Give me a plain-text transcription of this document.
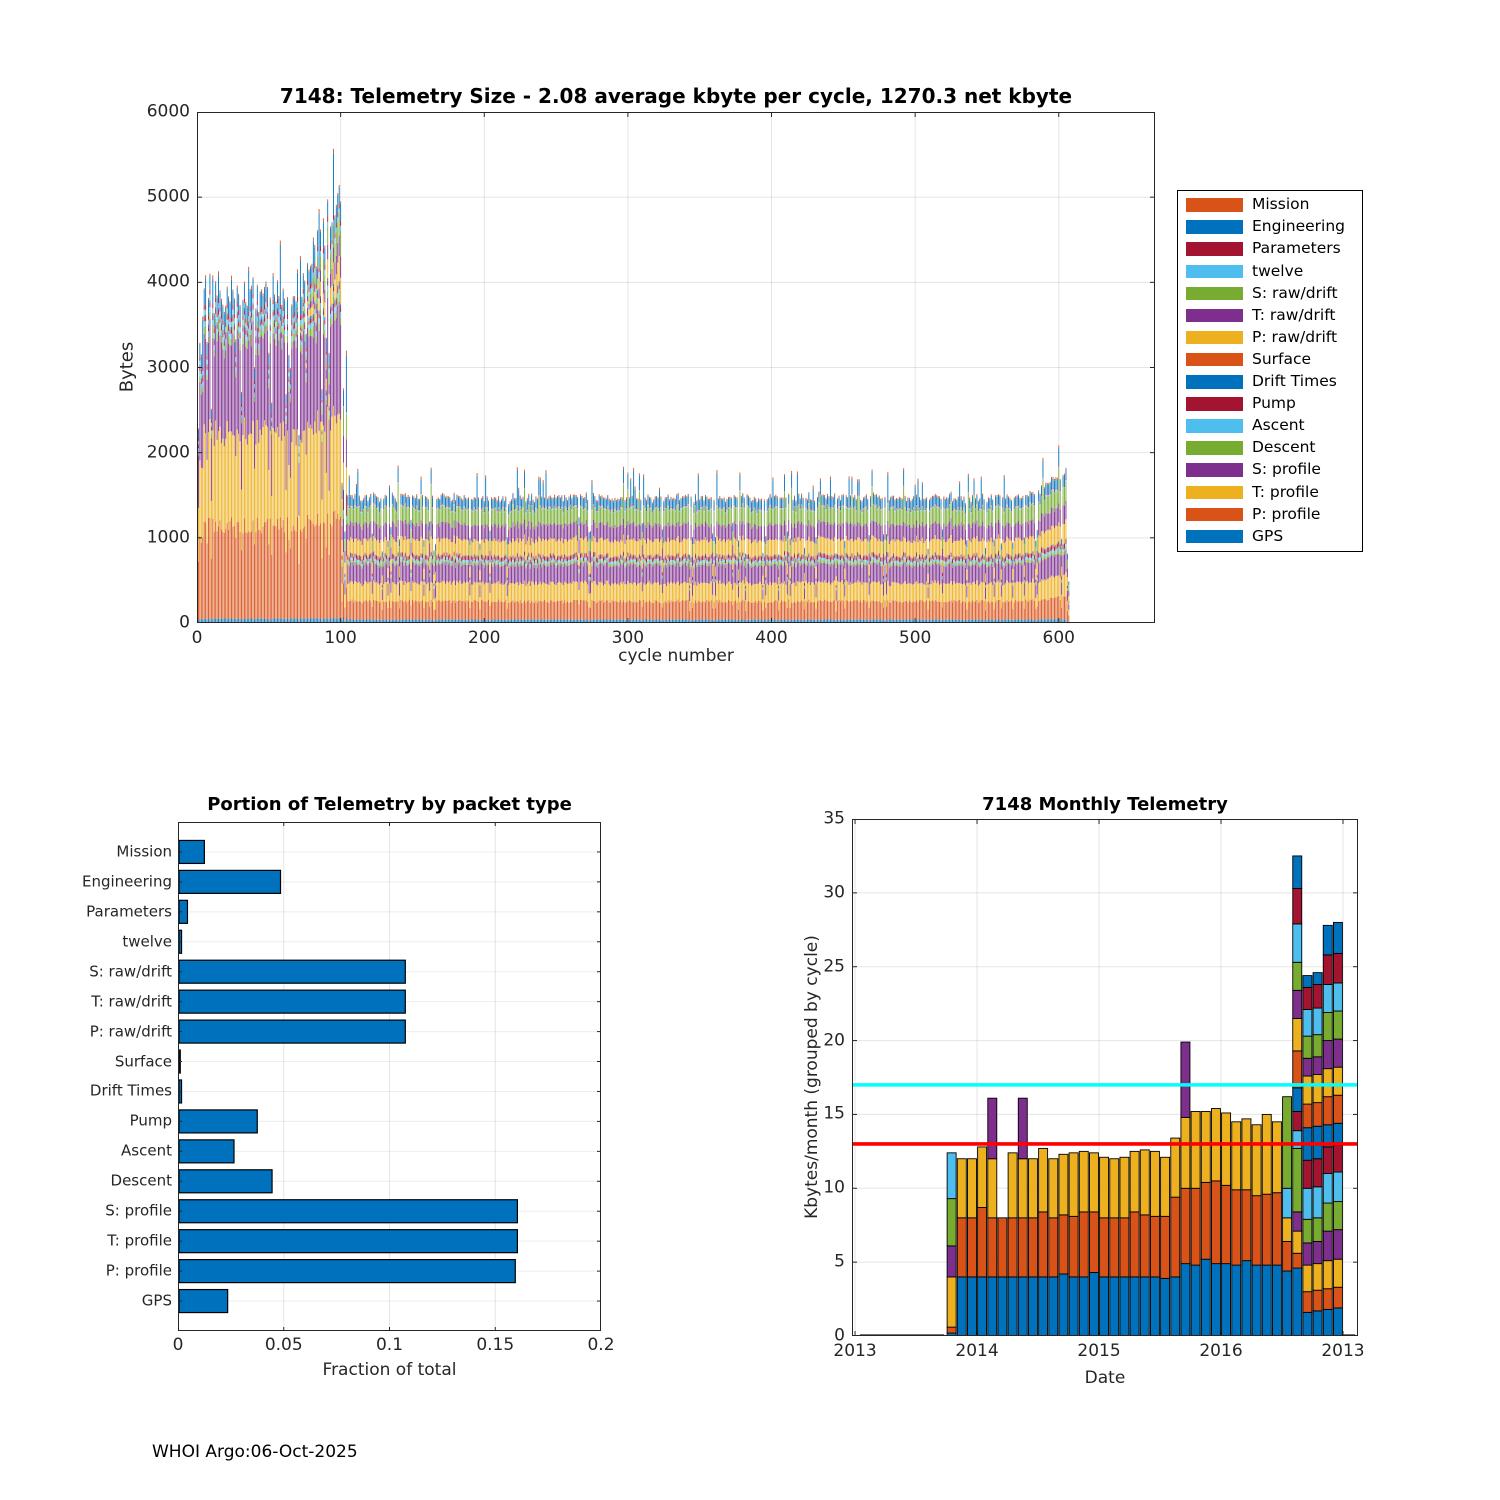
7148: Telemetry Size - 2.08 average kbyte per cycle, 1270.3 net kbyte
Bytes
cycle number
Mission
Engineering
Parameters
twelve
S: raw/drift
T: raw/drift
P: raw/drift
Surface
Drift Times
Pump
Ascent
Descent
S: profile
T: profile
P: profile
GPS
Portion of Telemetry by packet type
Fraction of total
7148 Monthly Telemetry
Kbytes/month (grouped by cycle)
Date
WHOI Argo:06-Oct-2025
0
1000
2000
3000
4000
5000
6000
0	100	200	300	400	500	600
0	0.05	0.1	0.15	0.2
Mission
Engineering
Parameters
twelve
S: raw/drift
T: raw/drift
P: raw/drift
Surface
Drift Times
Pump
Ascent
Descent
S: profile
T: profile
P: profile
GPS
0
5
10
15
20
25
30
35
2013	2014	2015	2016	2013
